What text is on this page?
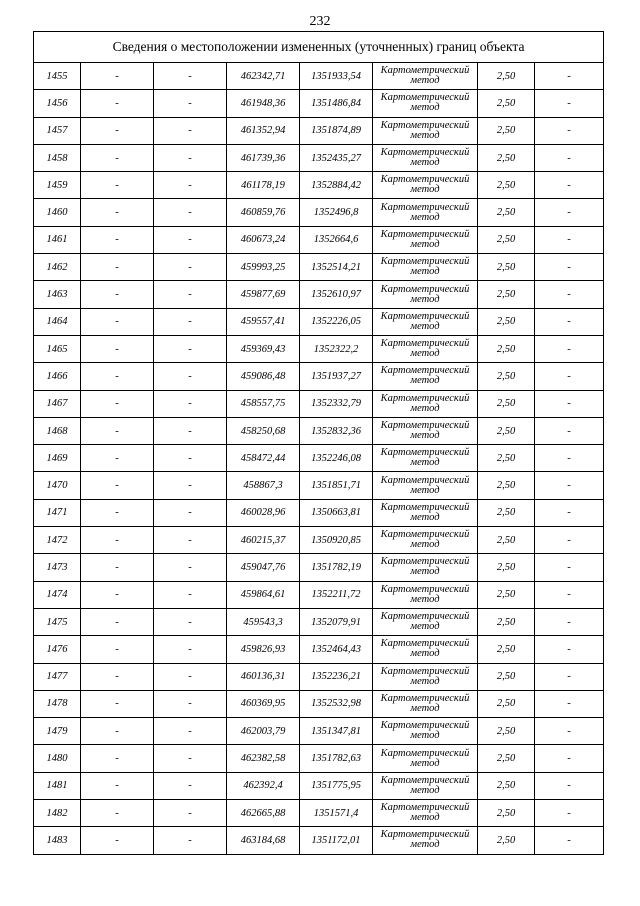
232
Сведения о местоположении измененных (уточненных) границ объекта							
1455	-	-	462342,71	1351933,54	Картометрический метод	2,50	-
1456	-	-	461948,36	1351486,84	Картометрический метод	2,50	-
1457	-	-	461352,94	1351874,89	Картометрический метод	2,50	-
1458	-	-	461739,36	1352435,27	Картометрический метод	2,50	-
1459	-	-	461178,19	1352884,42	Картометрический метод	2,50	-
1460	-	-	460859,76	1352496,8	Картометрический метод	2,50	-
1461	-	-	460673,24	1352664,6	Картометрический метод	2,50	-
1462	-	-	459993,25	1352514,21	Картометрический метод	2,50	-
1463	-	-	459877,69	1352610,97	Картометрический метод	2,50	-
1464	-	-	459557,41	1352226,05	Картометрический метод	2,50	-
1465	-	-	459369,43	1352322,2	Картометрический метод	2,50	-
1466	-	-	459086,48	1351937,27	Картометрический метод	2,50	-
1467	-	-	458557,75	1352332,79	Картометрический метод	2,50	-
1468	-	-	458250,68	1352832,36	Картометрический метод	2,50	-
1469	-	-	458472,44	1352246,08	Картометрический метод	2,50	-
1470	-	-	458867,3	1351851,71	Картометрический метод	2,50	-
1471	-	-	460028,96	1350663,81	Картометрический метод	2,50	-
1472	-	-	460215,37	1350920,85	Картометрический метод	2,50	-
1473	-	-	459047,76	1351782,19	Картометрический метод	2,50	-
1474	-	-	459864,61	1352211,72	Картометрический метод	2,50	-
1475	-	-	459543,3	1352079,91	Картометрический метод	2,50	-
1476	-	-	459826,93	1352464,43	Картометрический метод	2,50	-
1477	-	-	460136,31	1352236,21	Картометрический метод	2,50	-
1478	-	-	460369,95	1352532,98	Картометрический метод	2,50	-
1479	-	-	462003,79	1351347,81	Картометрический метод	2,50	-
1480	-	-	462382,58	1351782,63	Картометрический метод	2,50	-
1481	-	-	462392,4	1351775,95	Картометрический метод	2,50	-
1482	-	-	462665,88	1351571,4	Картометрический метод	2,50	-
1483	-	-	463184,68	1351172,01	Картометрический метод	2,50	-
